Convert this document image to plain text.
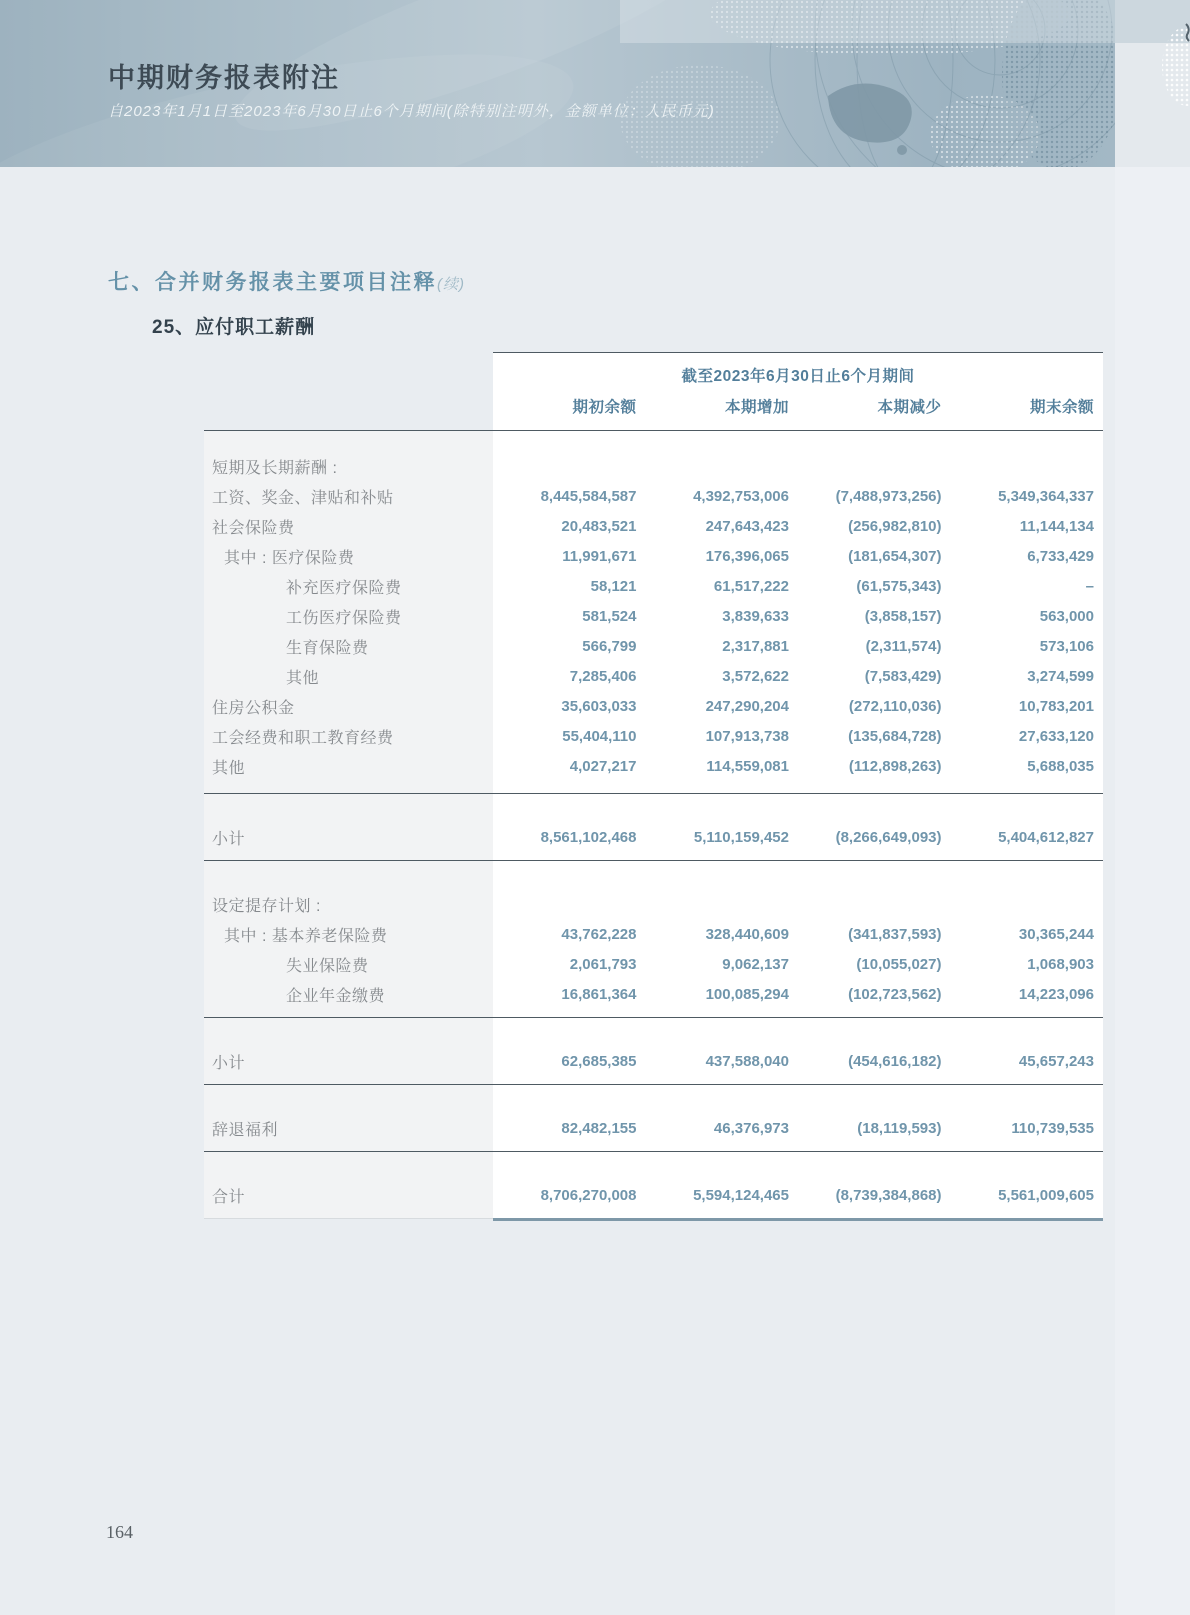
中期财务报表附注
自2023年1月1日至2023年6月30日止6个月期间(除特别注明外，金额单位：人民币元)
七、合并财务报表主要项目注释(续)
25、应付职工薪酬
截至2023年6月30日止6个月期间
期初余额	本期增加	本期减少	期末余额
短期及长期薪酬 :
工资、奖金、津贴和补贴	8,445,584,587	4,392,753,006	(7,488,973,256)	5,349,364,337
社会保险费	20,483,521	247,643,423	(256,982,810)	11,144,134
其中 : 医疗保险费	11,991,671	176,396,065	(181,654,307)	6,733,429
补充医疗保险费	58,121	61,517,222	(61,575,343)	–
工伤医疗保险费	581,524	3,839,633	(3,858,157)	563,000
生育保险费	566,799	2,317,881	(2,311,574)	573,106
其他	7,285,406	3,572,622	(7,583,429)	3,274,599
住房公积金	35,603,033	247,290,204	(272,110,036)	10,783,201
工会经费和职工教育经费	55,404,110	107,913,738	(135,684,728)	27,633,120
其他	4,027,217	114,559,081	(112,898,263)	5,688,035
小计	8,561,102,468	5,110,159,452	(8,266,649,093)	5,404,612,827
设定提存计划 :
其中 : 基本养老保险费	43,762,228	328,440,609	(341,837,593)	30,365,244
失业保险费	2,061,793	9,062,137	(10,055,027)	1,068,903
企业年金缴费	16,861,364	100,085,294	(102,723,562)	14,223,096
小计	62,685,385	437,588,040	(454,616,182)	45,657,243
辞退福利	82,482,155	46,376,973	(18,119,593)	110,739,535
合计	8,706,270,008	5,594,124,465	(8,739,384,868)	5,561,009,605
164
